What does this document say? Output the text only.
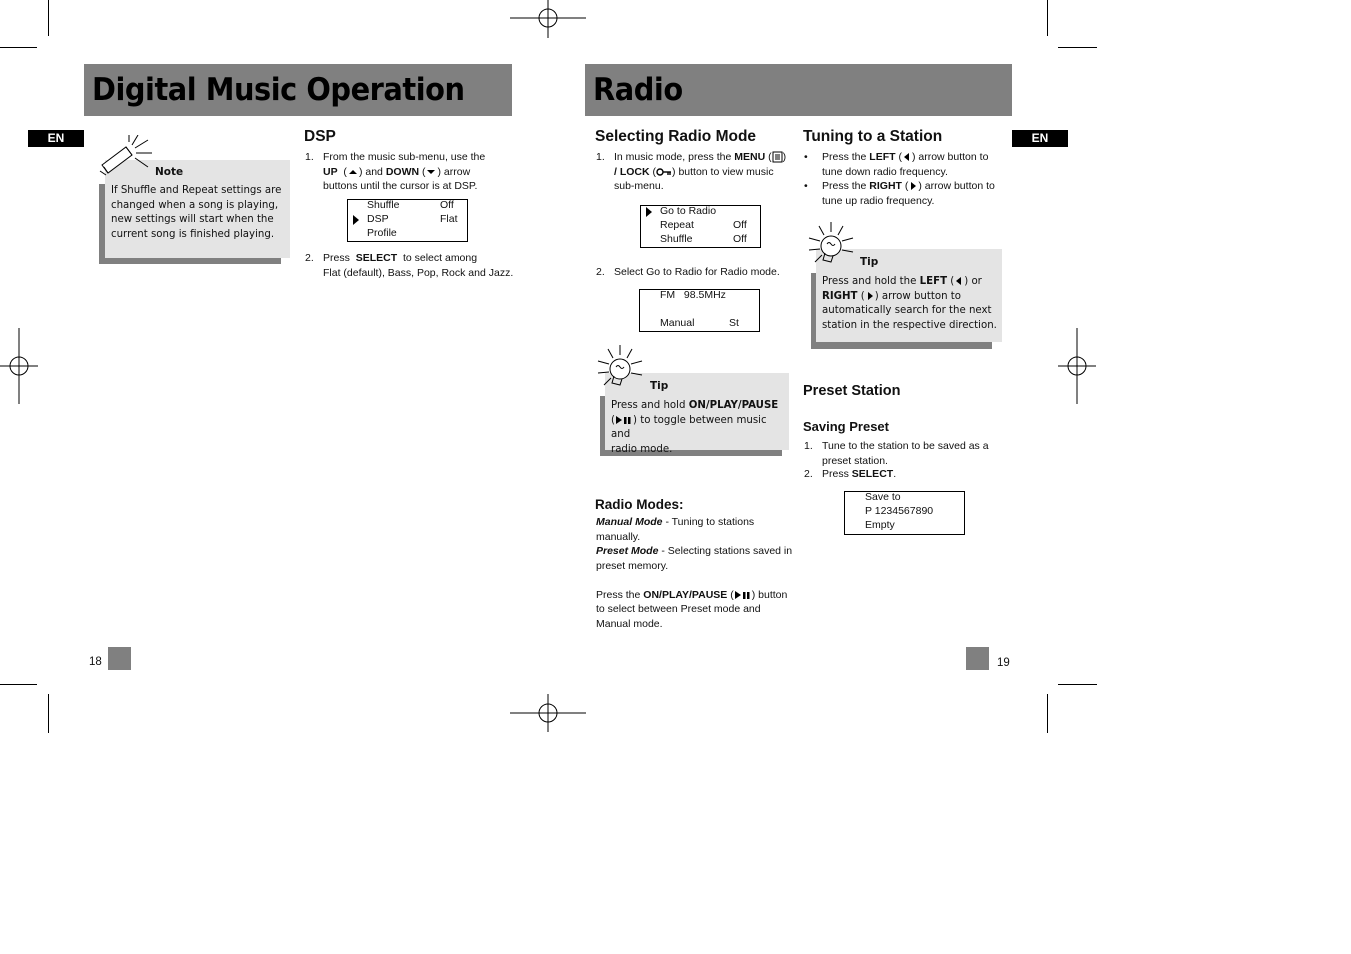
Digital Music Operation
EN
Note
If Shuffle and Repeat settings are changed when a song is playing, new settings will start when the current song is finished playing.
DSP
1. From the music sub-menu, use the
UP  ( ) and DOWN ( ) arrow
buttons until the cursor is at DSP.
Shuffle	Off
DSP	Flat
Profile
2. Press SELECT to select among
Flat (default), Bass, Pop, Rock and Jazz.
18
Radio
EN
Selecting Radio Mode
1. In music mode, press the MENU ( )
/ LOCK ( ) button to view music
sub-menu.
Go to Radio
Repeat	Off
Shuffle	Off
2. Select Go to Radio for Radio mode.
FM   98.5MHz
Manual	St
Tip
Press and hold ON/PLAY/PAUSE
( ) to toggle between music and
radio mode.
Radio Modes:
Manual Mode - Tuning to stations
manually.
Preset Mode - Selecting stations saved in
preset memory.
Press the ON/PLAY/PAUSE ( ) button
to select between Preset mode and
Manual mode.
Tuning to a Station
• Press the LEFT ( ) arrow button to
tune down radio frequency.
• Press the RIGHT ( ) arrow button to
tune up radio frequency.
Tip
Press and hold the LEFT ( ) or
RIGHT ( ) arrow button to
automatically search for the next
station in the respective direction.
Preset Station
Saving Preset
1. Tune to the station to be saved as a
preset station.
2. Press SELECT.
Save to
P 1234567890
Empty
19
